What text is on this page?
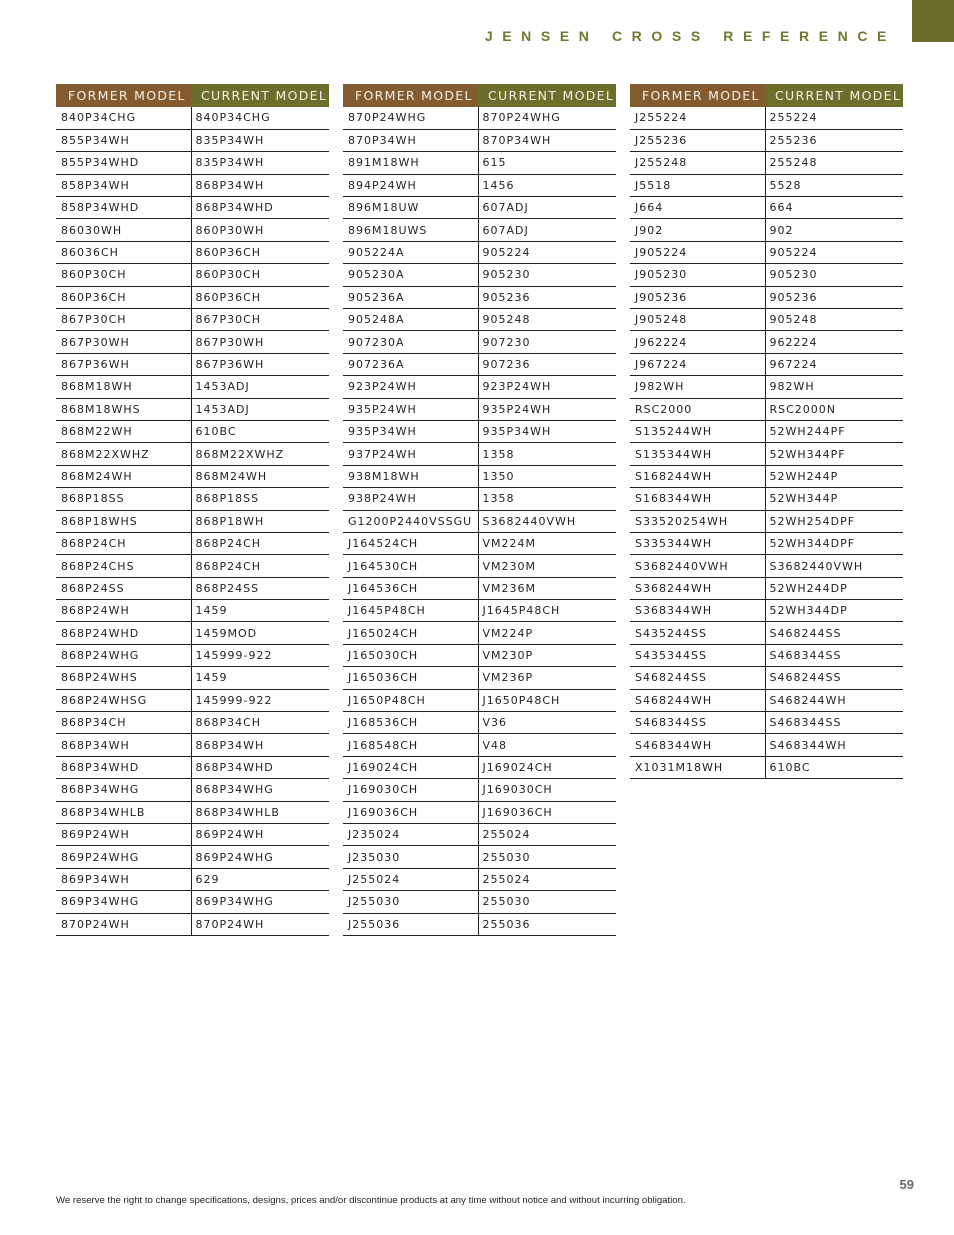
JENSEN CROSS REFERENCE
FORMER MODEL	CURRENT MODEL
840P34CHG	840P34CHG
855P34WH	835P34WH
855P34WHD	835P34WH
858P34WH	868P34WH
858P34WHD	868P34WHD
86030WH	860P30WH
86036CH	860P36CH
860P30CH	860P30CH
860P36CH	860P36CH
867P30CH	867P30CH
867P30WH	867P30WH
867P36WH	867P36WH
868M18WH	1453ADJ
868M18WHS	1453ADJ
868M22WH	610BC
868M22XWHZ	868M22XWHZ
868M24WH	868M24WH
868P18SS	868P18SS
868P18WHS	868P18WH
868P24CH	868P24CH
868P24CHS	868P24CH
868P24SS	868P24SS
868P24WH	1459
868P24WHD	1459MOD
868P24WHG	145999-922
868P24WHS	1459
868P24WHSG	145999-922
868P34CH	868P34CH
868P34WH	868P34WH
868P34WHD	868P34WHD
868P34WHG	868P34WHG
868P34WHLB	868P34WHLB
869P24WH	869P24WH
869P24WHG	869P24WHG
869P34WH	629
869P34WHG	869P34WHG
870P24WH	870P24WH
FORMER MODEL	CURRENT MODEL
870P24WHG	870P24WHG
870P34WH	870P34WH
891M18WH	615
894P24WH	1456
896M18UW	607ADJ
896M18UWS	607ADJ
905224A	905224
905230A	905230
905236A	905236
905248A	905248
907230A	907230
907236A	907236
923P24WH	923P24WH
935P24WH	935P24WH
935P34WH	935P34WH
937P24WH	1358
938M18WH	1350
938P24WH	1358
G1200P2440VSSGU	S3682440VWH
J164524CH	VM224M
J164530CH	VM230M
J164536CH	VM236M
J1645P48CH	J1645P48CH
J165024CH	VM224P
J165030CH	VM230P
J165036CH	VM236P
J1650P48CH	J1650P48CH
J168536CH	V36
J168548CH	V48
J169024CH	J169024CH
J169030CH	J169030CH
J169036CH	J169036CH
J235024	255024
J235030	255030
J255024	255024
J255030	255030
J255036	255036
FORMER MODEL	CURRENT MODEL
J255224	255224
J255236	255236
J255248	255248
J5518	5528
J664	664
J902	902
J905224	905224
J905230	905230
J905236	905236
J905248	905248
J962224	962224
J967224	967224
J982WH	982WH
RSC2000	RSC2000N
S135244WH	52WH244PF
S135344WH	52WH344PF
S168244WH	52WH244P
S168344WH	52WH344P
S33520254WH	52WH254DPF
S335344WH	52WH344DPF
S3682440VWH	S3682440VWH
S368244WH	52WH244DP
S368344WH	52WH344DP
S435244SS	S468244SS
S435344SS	S468344SS
S468244SS	S468244SS
S468244WH	S468244WH
S468344SS	S468344SS
S468344WH	S468344WH
X1031M18WH	610BC
59
We reserve the right to change specifications, designs, prices and/or discontinue products at any time without notice and without incurring obligation.
